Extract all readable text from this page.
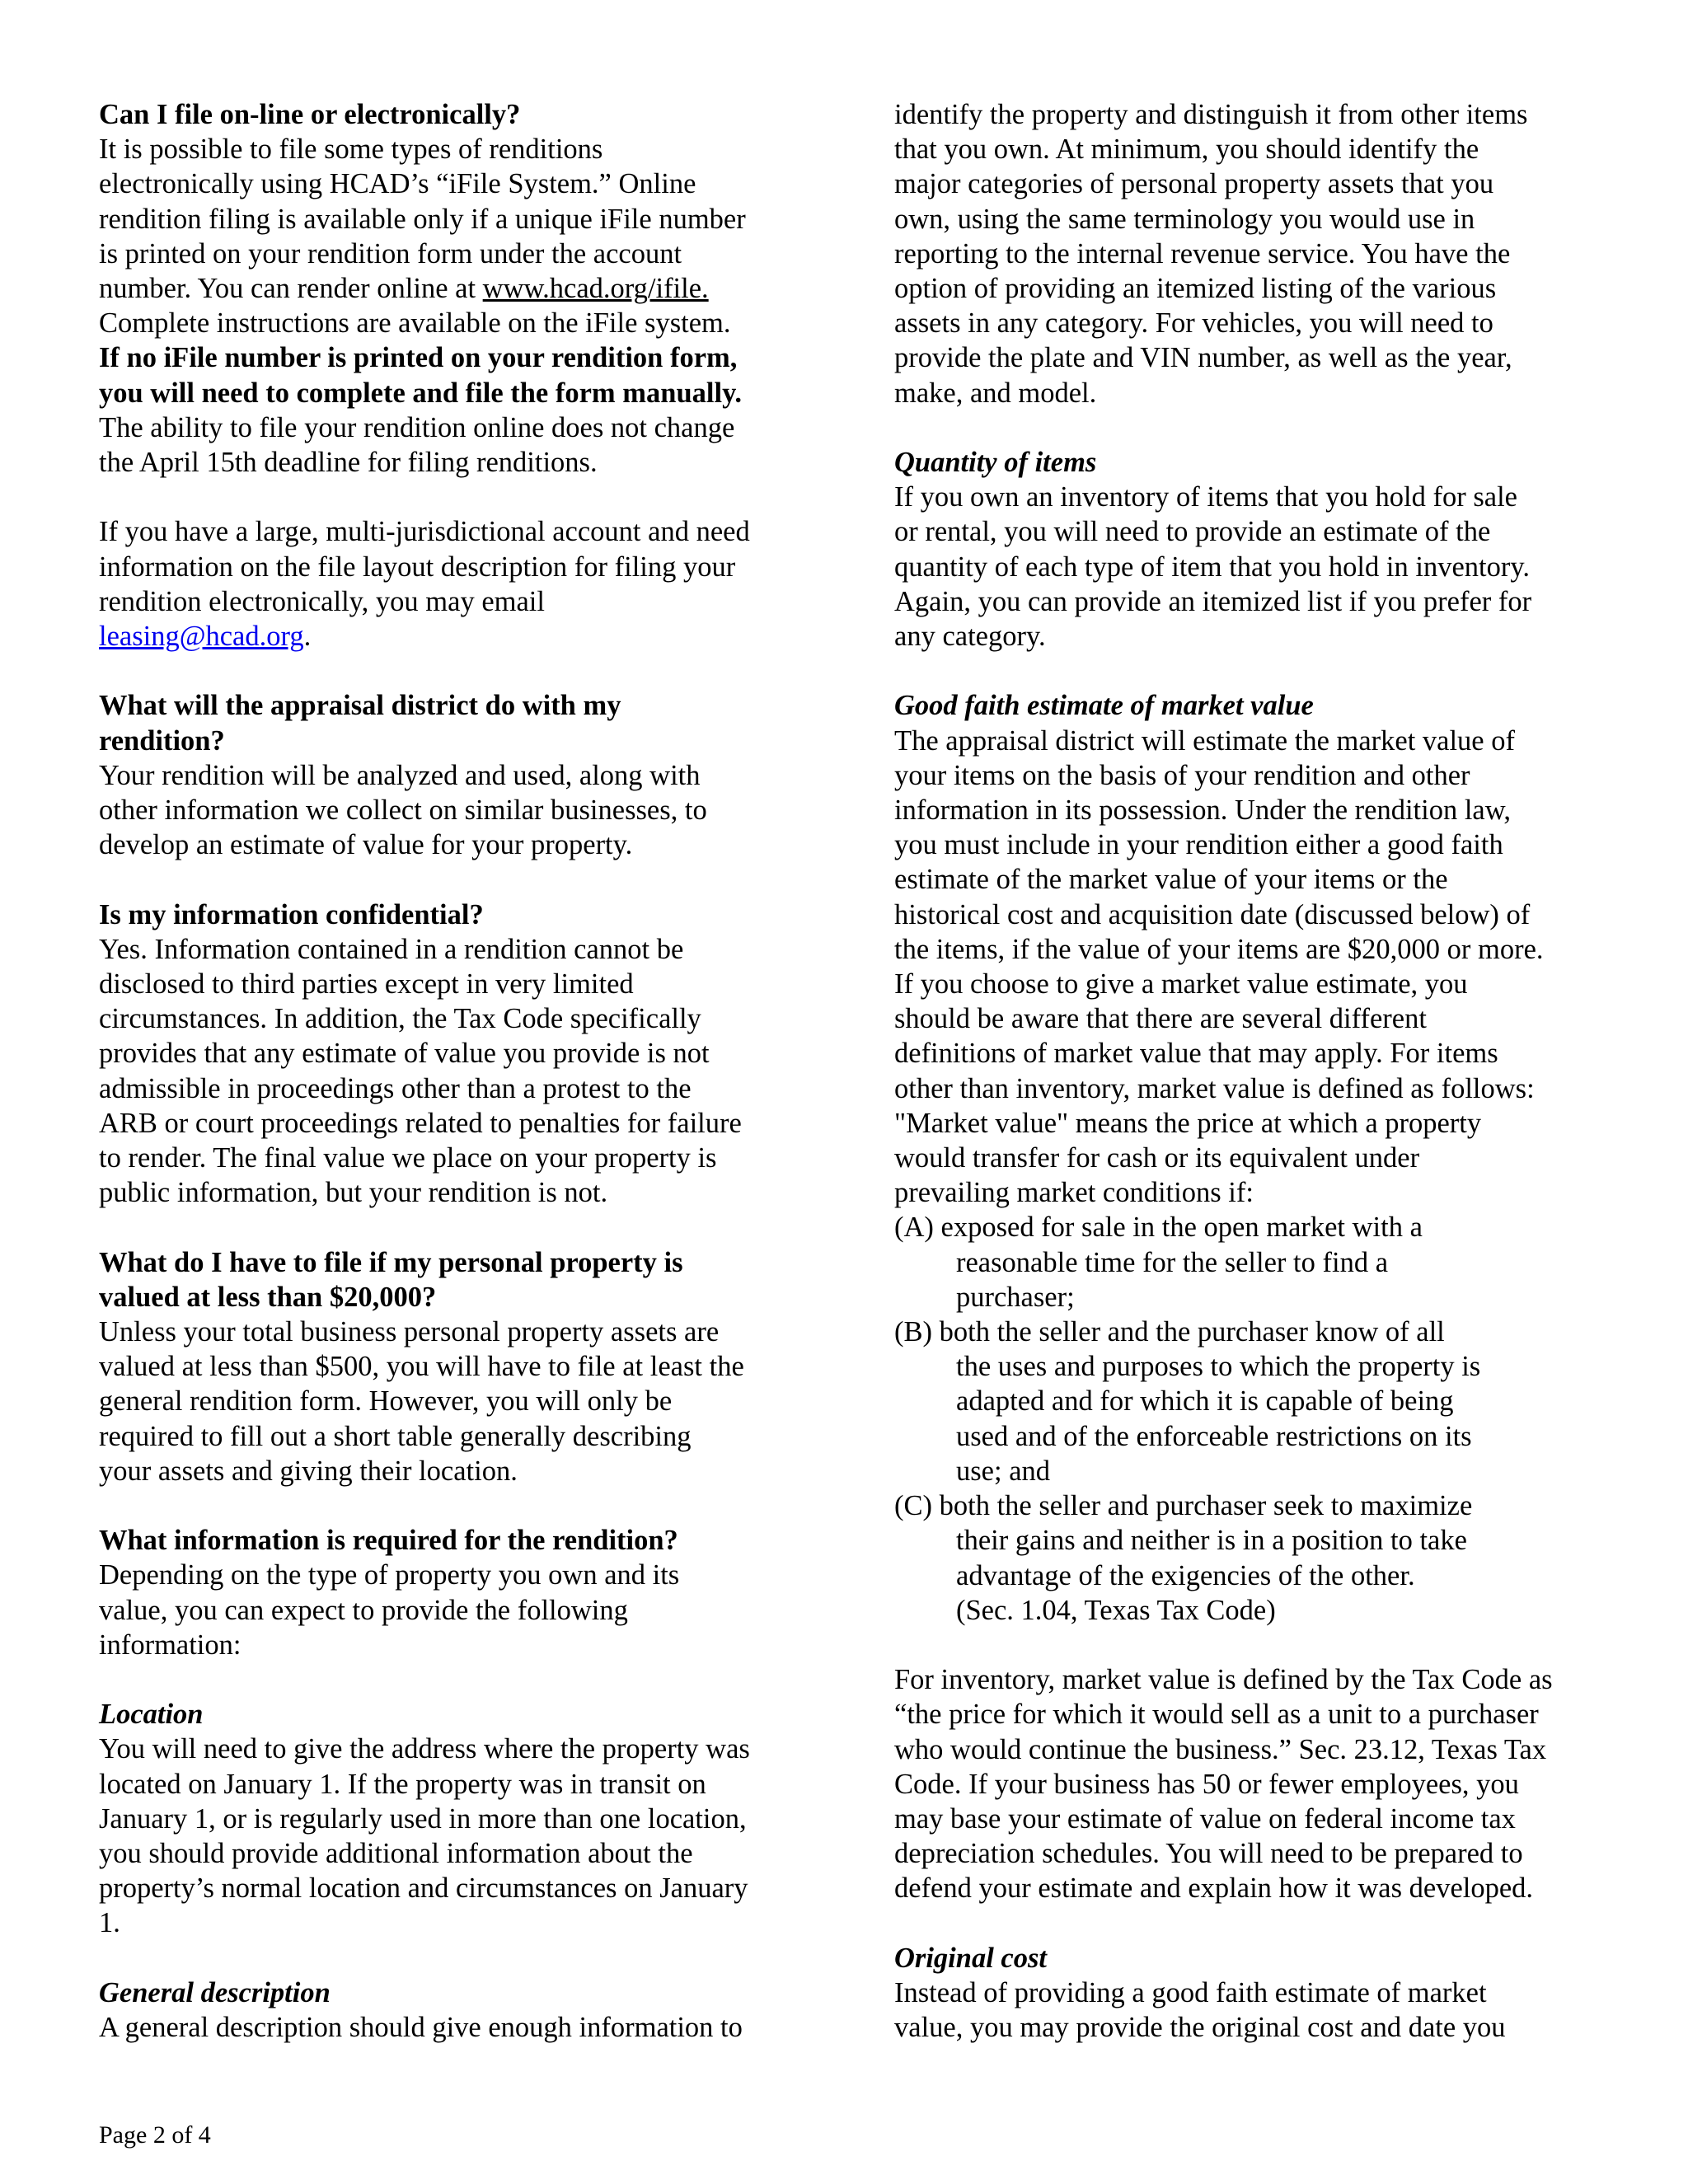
Can I file on-line or electronically?

It is possible to file some types of renditions
electronically using HCAD’s “iFile System.” Online
rendition filing is available only if a unique iFile number
is printed on your rendition form under the account
number. You can render online at www.hcad.org/ifile.
Complete instructions are available on the iFile system.
If no iFile number is printed on your rendition form,
you will need to complete and file the form manually.
The ability to file your rendition online does not change
the April 15th deadline for filing renditions.

If you have a large, multi-jurisdictional account and need
information on the file layout description for filing your
rendition electronically, you may email
leasing@hcad.org.

What will the appraisal district do with my
rendition?

Your rendition will be analyzed and used, along with
other information we collect on similar businesses, to
develop an estimate of value for your property.

Is my information confidential?

Yes. Information contained in a rendition cannot be
disclosed to third parties except in very limited
circumstances. In addition, the Tax Code specifically
provides that any estimate of value you provide is not
admissible in proceedings other than a protest to the
ARB or court proceedings related to penalties for failure
to render. The final value we place on your property is
public information, but your rendition is not.

What do I have to file if my personal property is
valued at less than $20,000?

Unless your total business personal property assets are
valued at less than $500, you will have to file at least the
general rendition form. However, you will only be
required to fill out a short table generally describing
your assets and giving their location.

What information is required for the rendition?

Depending on the type of property you own and its
value, you can expect to provide the following
information:

Location

You will need to give the address where the property was
located on January 1. If the property was in transit on
January 1, or is regularly used in more than one location,
you should provide additional information about the
property’s normal location and circumstances on January
1.

General description

A general description should give enough information to

identify the property and distinguish it from other items
that you own. At minimum, you should identify the
major categories of personal property assets that you
own, using the same terminology you would use in
reporting to the internal revenue service. You have the
option of providing an itemized listing of the various
assets in any category. For vehicles, you will need to
provide the plate and VIN number, as well as the year,
make, and model.

Quantity of items

If you own an inventory of items that you hold for sale
or rental, you will need to provide an estimate of the
quantity of each type of item that you hold in inventory.
Again, you can provide an itemized list if you prefer for
any category.

Good faith estimate of market value

The appraisal district will estimate the market value of
your items on the basis of your rendition and other
information in its possession. Under the rendition law,
you must include in your rendition either a good faith
estimate of the market value of your items or the
historical cost and acquisition date (discussed below) of
the items, if the value of your items are $20,000 or more.
If you choose to give a market value estimate, you
should be aware that there are several different
definitions of market value that may apply. For items
other than inventory, market value is defined as follows:

"Market value" means the price at which a property
would transfer for cash or its equivalent under
prevailing market conditions if:

(A) exposed for sale in the open market with a
reasonable time for the seller to find a
purchaser;

(B) both the seller and the purchaser know of all
the uses and purposes to which the property is
adapted and for which it is capable of being
used and of the enforceable restrictions on its
use; and

(C) both the seller and purchaser seek to maximize
their gains and neither is in a position to take
advantage of the exigencies of the other.
(Sec. 1.04, Texas Tax Code)

For inventory, market value is defined by the Tax Code as
“the price for which it would sell as a unit to a purchaser
who would continue the business.” Sec. 23.12, Texas Tax
Code. If your business has 50 or fewer employees, you
may base your estimate of value on federal income tax
depreciation schedules. You will need to be prepared to
defend your estimate and explain how it was developed.

Original cost

Instead of providing a good faith estimate of market
value, you may provide the original cost and date you

Page 2 of 4
